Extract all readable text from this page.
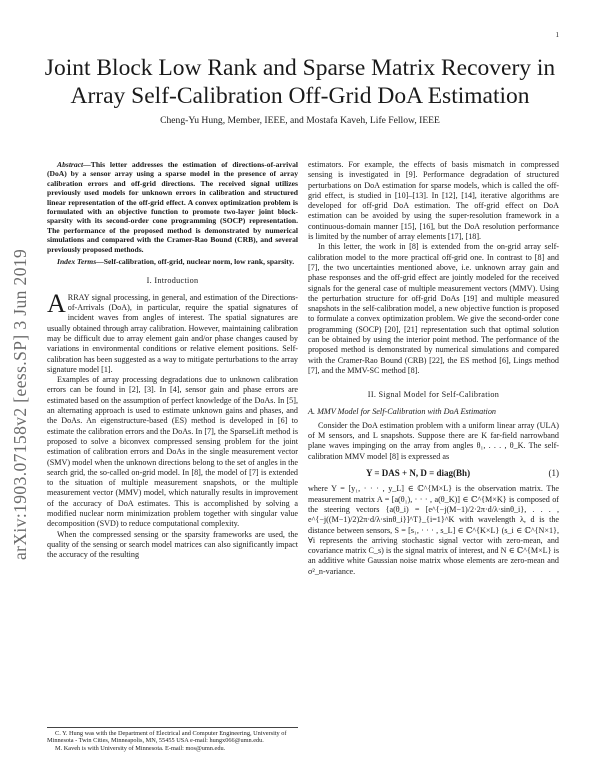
1
arXiv:1903.07158v2 [eess.SP] 3 Jun 2019
Joint Block Low Rank and Sparse Matrix Recovery in Array Self-Calibration Off-Grid DoA Estimation
Cheng-Yu Hung, Member, IEEE, and Mostafa Kaveh, Life Fellow, IEEE

Abstract—This letter addresses the estimation of directions-of-arrival (DoA) by a sensor array using a sparse model in the presence of array calibration errors and off-grid directions. The received signal utilizes previously used models for unknown errors in calibration and structured linear representation of the off-grid effect. A convex optimization problem is formulated with an objective function to promote two-layer joint block-sparsity with its second-order cone programming (SOCP) representation. The performance of the proposed method is demonstrated by numerical simulations and compared with the Cramer-Rao Bound (CRB), and several previously proposed methods.

Index Terms—Self-calibration, off-grid, nuclear norm, low rank, sparsity.

I. Introduction

ARRAY signal processing, in general, and estimation of the Directions-of-Arrivals (DoA), in particular, require the spatial signatures of incident waves from angles of interest. The spatial signatures are usually obtained through array calibration. However, maintaining calibration may be difficult due to array element gain and/or phase changes caused by variations in environmental conditions or relative element positions. Self-calibration has been suggested as a way to mitigate perturbations to the array signature model [1].

Examples of array processing degradations due to unknown calibration errors can be found in [2], [3]. In [4], sensor gain and phase errors are estimated based on the assumption of perfect knowledge of the DoAs. In [5], an alternating approach is used to estimate unknown gains and phases, and the DoAs. An eigenstructure-based (ES) method is developed in [6] to estimate the calibration errors and the DoAs. In [7], the SparseLift method is proposed to solve a biconvex compressed sensing problem for the joint estimation of calibration errors and DoAs in the single measurement vector (SMV) model when the unknown directions belong to the set of angles in the search grid, the so-called on-grid model. In [8], the model of [7] is extended to the situation of multiple measurement snapshots, or the multiple measurement vector (MMV) model, which naturally results in improvement of the accuracy of DoA estimates. This is accomplished by solving a modified nuclear norm minimization problem together with singular value decomposition (SVD) to reduce computational complexity.

When the compressed sensing or the sparsity frameworks are used, the quality of the sensing or search model matrices can also significantly impact the accuracy of the resulting

C. Y. Hung was with the Department of Electrical and Computer Engineering, University of Minnesota - Twin Cities, Minneapolis, MN, 55455 USA e-mail: hungx066@umn.edu.

M. Kaveh is with University of Minnesota. E-mail: mos@umn.edu.

estimators. For example, the effects of basis mismatch in compressed sensing is investigated in [9]. Performance degradation of structured perturbations on DoA estimation for sparse models, which is called the off-grid effect, is studied in [10]–[13]. In [12], [14], iterative algorithms are developed for off-grid DoA estimation. The off-grid effect on DoA estimation can be avoided by using the super-resolution framework in a continuous-domain manner [15], [16], but the DoA resolution performance is limited by the number of array elements [17], [18].

In this letter, the work in [8] is extended from the on-grid array self-calibration model to the more practical off-grid one. In contrast to [8] and [7], the two uncertainties mentioned above, i.e. unknown array gain and phase responses and the off-grid effect are jointly modeled for the received signals for the general case of multiple measurement vectors (MMV). Using the perturbation structure for off-grid DoAs [19] and multiple measured snapshots in the self-calibration model, a new objective function is proposed to formulate a convex optimization problem. We give the second-order cone programming (SOCP) [20], [21] representation such that optimal solution can be obtained by using the interior point method. The performance of the proposed method is demonstrated by numerical simulations and compared with the Cramer-Rao Bound (CRB) [22], the ES method [6], Lings method [7], and the MMV-SC method [8].

II. Signal Model for Self-Calibration
A. MMV Model for Self-Calibration with DoA Estimation

Consider the DoA estimation problem with a uniform linear array (ULA) of M sensors, and L snapshots. Suppose there are K far-field narrowband plane waves impinging on the array from angles θ₁, . . . , θ_K. The self-calibration MMV model [8] is expressed as

Y = DAS + N, D = diag(Bh)	(1)

where Y = [y₁, · · · , y_L] ∈ ℂ^{M×L} is the observation matrix. The measurement matrix A = [a(θ₁), · · · , a(θ_K)] ∈ ℂ^{M×K} is composed of the steering vectors {a(θ_i) = [e^{−j(M−1)/2·2π·d/λ·sinθ_i}, . . . , e^{−j((M−1)/2)2π·d/λ·sinθ_i}]^T}_{i=1}^K with wavelength λ, d is the distance between sensors, S = [s₁, · · · , s_L] ∈ ℂ^{K×L} (s_i ∈ ℂ^{N×1}, ∀i represents the arriving stochastic signal vector with zero-mean, and covariance matrix C_s) is the signal matrix of interest, and N ∈ ℂ^{M×L} is an additive white Gaussian noise matrix whose elements are zero-mean and σ²_n-variance.
